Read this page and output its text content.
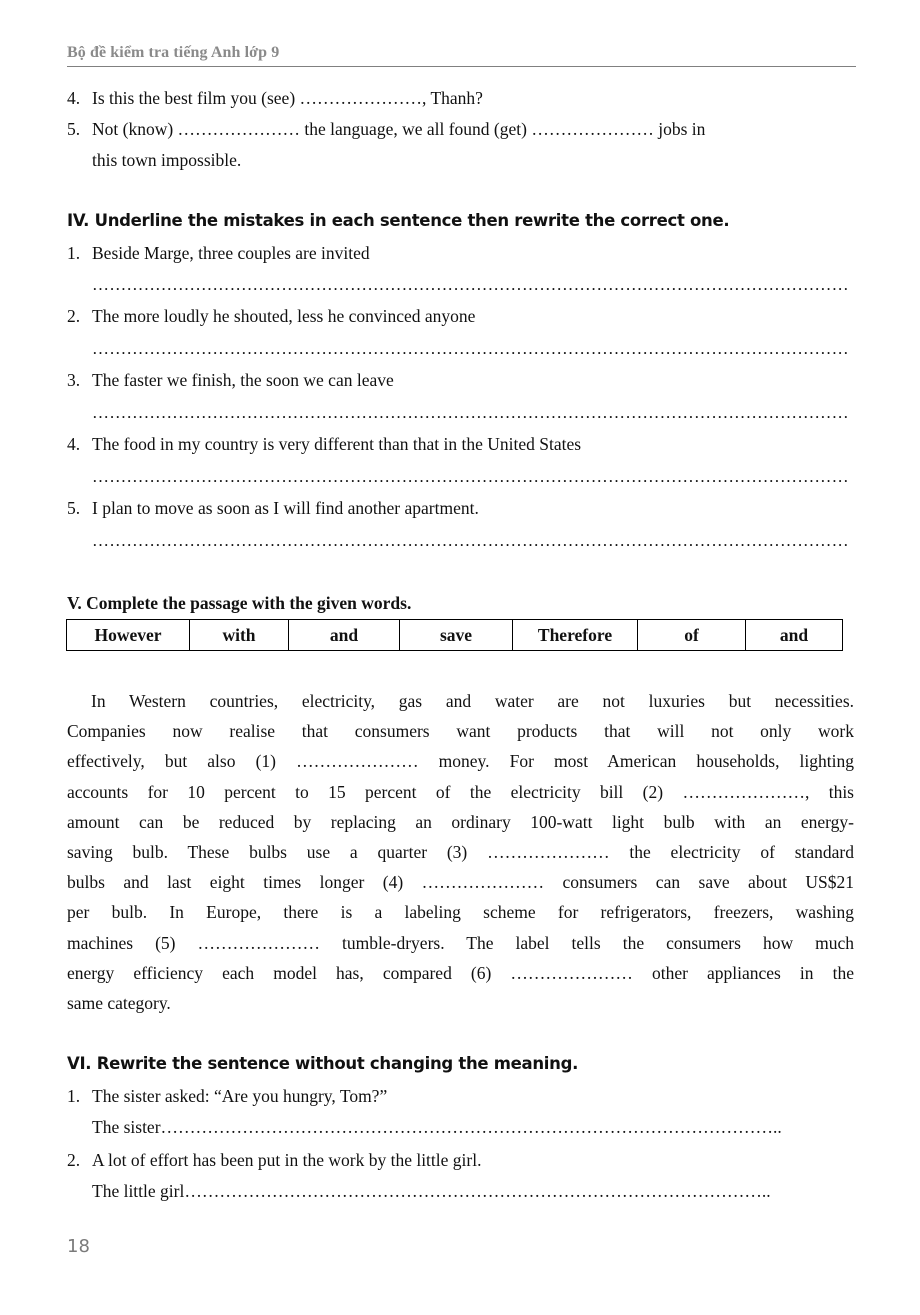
Bộ đề kiểm tra tiếng Anh lớp 9
4. Is this the best film you (see) …………………, Thanh?
5. Not (know) ………………… the language, we all found (get) ………………… jobs in
this town impossible.
IV. Underline the mistakes in each sentence then rewrite the correct one.
1. Beside Marge, three couples are invited
……………………………………………………………………………………………………………………
2. The more loudly he shouted, less he convinced anyone
……………………………………………………………………………………………………………………
3. The faster we finish, the soon we can leave
……………………………………………………………………………………………………………………
4. The food in my country is very different than that in the United States
……………………………………………………………………………………………………………………
5. I plan to move as soon as I will find another apartment.
……………………………………………………………………………………………………………………
V. Complete the passage with the given words.
However	with	and	save	Therefore	of	and
In Western countries, electricity, gas and water are not luxuries but necessities.
Companies now realise that consumers want products that will not only work
effectively, but also (1) ………………… money. For most American households, lighting
accounts for 10 percent to 15 percent of the electricity bill (2) …………………, this
amount can be reduced by replacing an ordinary 100-watt light bulb with an energy-
saving bulb. These bulbs use a quarter (3) ………………… the electricity of standard
bulbs and last eight times longer (4) ………………… consumers can save about US$21
per bulb. In Europe, there is a labeling scheme for refrigerators, freezers, washing
machines (5) ………………… tumble-dryers. The label tells the consumers how much
energy efficiency each model has, compared (6) ………………… other appliances in the
same category.
VI. Rewrite the sentence without changing the meaning.
1. The sister asked: “Are you hungry, Tom?”
The sister……………………………………………………………………………………………..
2. A lot of effort has been put in the work by the little girl.
The little girl………………………………………………………………………………………..
18
